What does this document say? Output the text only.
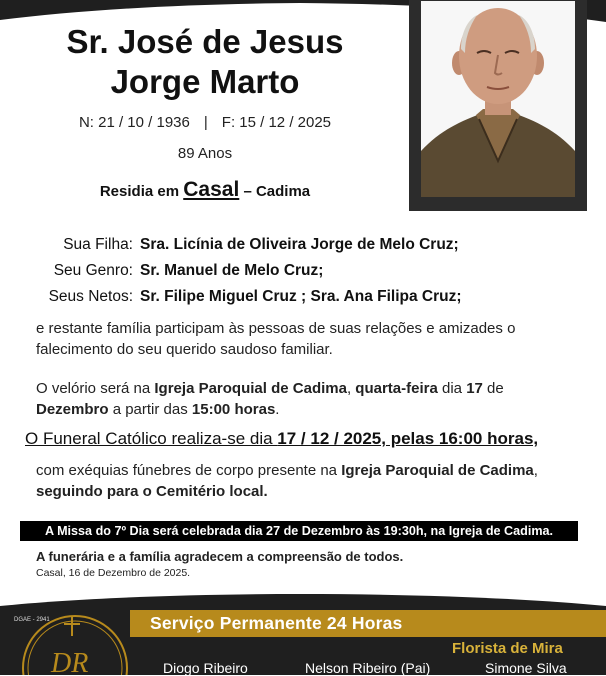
Sr. José de Jesus
Jorge Marto
N: 21 / 10 / 1936 | F: 15 / 12 / 2025
89 Anos
Residia em Casal – Cadima
Sua Filha: Sra. Licínia de Oliveira Jorge de Melo Cruz;
Seu Genro: Sr. Manuel de Melo Cruz;
Seus Netos: Sr. Filipe Miguel Cruz ; Sra. Ana Filipa Cruz;
e restante família participam às pessoas de suas relações e amizades o falecimento do seu querido saudoso familiar.
O velório será na Igreja Paroquial de Cadima, quarta-feira dia 17 de Dezembro a partir das 15:00 horas.
O Funeral Católico realiza-se dia 17 / 12 / 2025, pelas 16:00 horas,
com exéquias fúnebres de corpo presente na Igreja Paroquial de Cadima,
seguindo para o Cemitério local.
A Missa do 7º Dia será celebrada dia 27 de Dezembro às 19:30h, na Igreja de Cadima.
A funerária e a família agradecem a compreensão de todos.
Casal, 16 de Dezembro de 2025.
DR
DGAE - 2941	Serviço Permanente 24 Horas
Florista de Mira
Diogo Ribeiro	Nelson Ribeiro (Pai)	Simone Silva
